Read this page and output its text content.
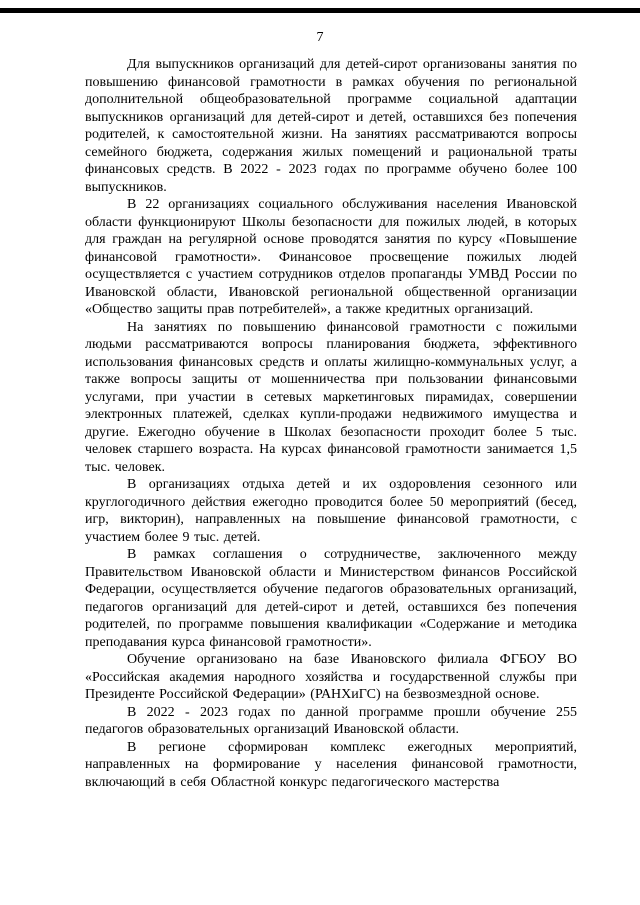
7

Для выпускников организаций для детей-сирот организованы занятия по повышению финансовой грамотности в рамках обучения по региональной дополнительной общеобразовательной программе социальной адаптации выпускников организаций для детей-сирот и детей, оставшихся без попечения родителей, к самостоятельной жизни. На занятиях рассматриваются вопросы семейного бюджета, содержания жилых помещений и рациональной траты финансовых средств. В 2022 - 2023 годах по программе обучено более 100 выпускников.

В 22 организациях социального обслуживания населения Ивановской области функционируют Школы безопасности для пожилых людей, в которых для граждан на регулярной основе проводятся занятия по курсу «Повышение финансовой грамотности». Финансовое просвещение пожилых людей осуществляется с участием сотрудников отделов пропаганды УМВД России по Ивановской области, Ивановской региональной общественной организации «Общество защиты прав потребителей», а также кредитных организаций.

На занятиях по повышению финансовой грамотности с пожилыми людьми рассматриваются вопросы планирования бюджета, эффективного использования финансовых средств и оплаты жилищно-коммунальных услуг, а также вопросы защиты от мошенничества при пользовании финансовыми услугами, при участии в сетевых маркетинговых пирамидах, совершении электронных платежей, сделках купли-продажи недвижимого имущества и другие. Ежегодно обучение в Школах безопасности проходит более 5 тыс. человек старшего возраста. На курсах финансовой грамотности занимается 1,5 тыс. человек.

В организациях отдыха детей и их оздоровления сезонного или круглогодичного действия ежегодно проводится более 50 мероприятий (бесед, игр, викторин), направленных на повышение финансовой грамотности, с участием более 9 тыс. детей.

В рамках соглашения о сотрудничестве, заключенного между Правительством Ивановской области и Министерством финансов Российской Федерации, осуществляется обучение педагогов образовательных организаций, педагогов организаций для детей-сирот и детей, оставшихся без попечения родителей, по программе повышения квалификации «Содержание и методика преподавания курса финансовой грамотности».

Обучение организовано на базе Ивановского филиала ФГБОУ ВО «Российская академия народного хозяйства и государственной службы при Президенте Российской Федерации» (РАНХиГС) на безвозмездной основе.

В 2022 - 2023 годах по данной программе прошли обучение 255 педагогов образовательных организаций Ивановской области.

В регионе сформирован комплекс ежегодных мероприятий, направленных на формирование у населения финансовой грамотности, включающий в себя Областной конкурс педагогического мастерства
